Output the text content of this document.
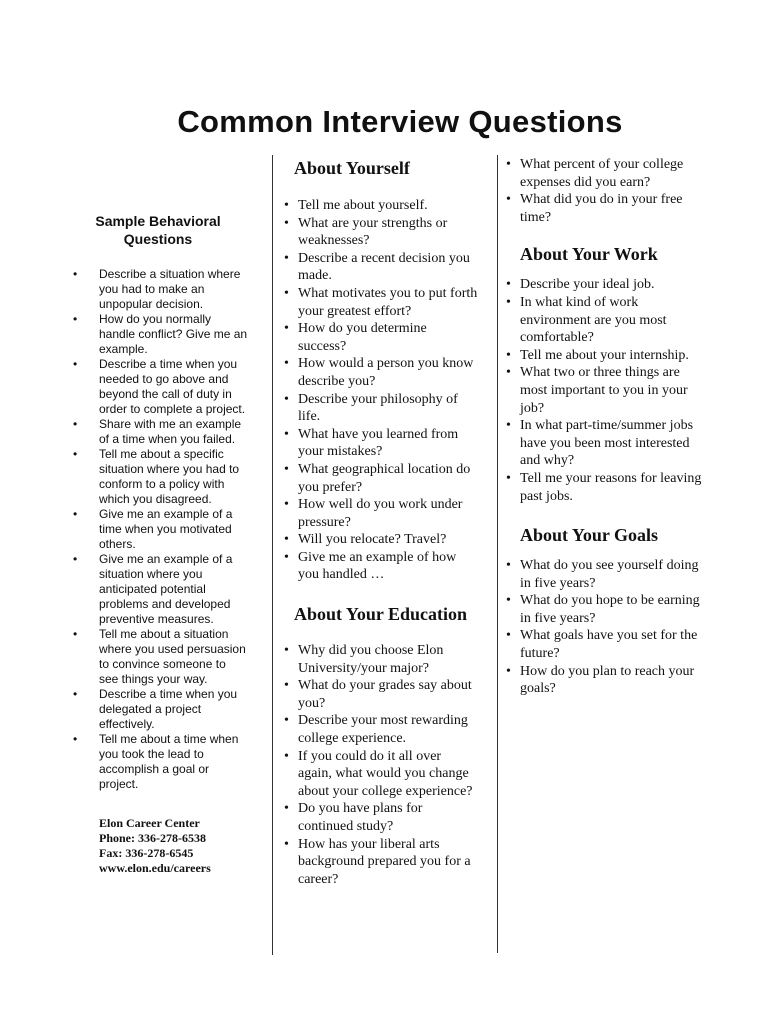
Common Interview Questions
Sample Behavioral Questions
• Describe a situation where you had to make an unpopular decision.
• How do you normally handle conflict? Give me an example.
• Describe a time when you needed to go above and beyond the call of duty in order to complete a project.
• Share with me an example of a time when you failed.
• Tell me about a specific situation where you had to conform to a policy with which you disagreed.
• Give me an example of a time when you motivated others.
• Give me an example of a situation where you anticipated potential problems and developed preventive measures.
• Tell me about a situation where you used persuasion to convince someone to see things your way.
• Describe a time when you delegated a project effectively.
• Tell me about a time when you took the lead to accomplish a goal or project.
Elon Career Center
Phone: 336-278-6538
Fax: 336-278-6545
www.elon.edu/careers
About Yourself
• Tell me about yourself.
• What are your strengths or weaknesses?
• Describe a recent decision you made.
• What motivates you to put forth your greatest effort?
• How do you determine success?
• How would a person you know describe you?
• Describe your philosophy of life.
• What have you learned from your mistakes?
• What geographical location do you prefer?
• How well do you work under pressure?
• Will you relocate? Travel?
• Give me an example of how you handled …
About Your Education
• Why did you choose Elon University/your major?
• What do your grades say about you?
• Describe your most rewarding college experience.
• If you could do it all over again, what would you change about your college experience?
• Do you have plans for continued study?
• How has your liberal arts background prepared you for a career?
• What percent of your college expenses did you earn?
• What did you do in your free time?
About Your Work
• Describe your ideal job.
• In what kind of work environment are you most comfortable?
• Tell me about your internship.
• What two or three things are most important to you in your job?
• In what part-time/summer jobs have you been most interested and why?
• Tell me your reasons for leaving past jobs.
About Your Goals
• What do you see yourself doing in five years?
• What do you hope to be earning in five years?
• What goals have you set for the future?
• How do you plan to reach your goals?
